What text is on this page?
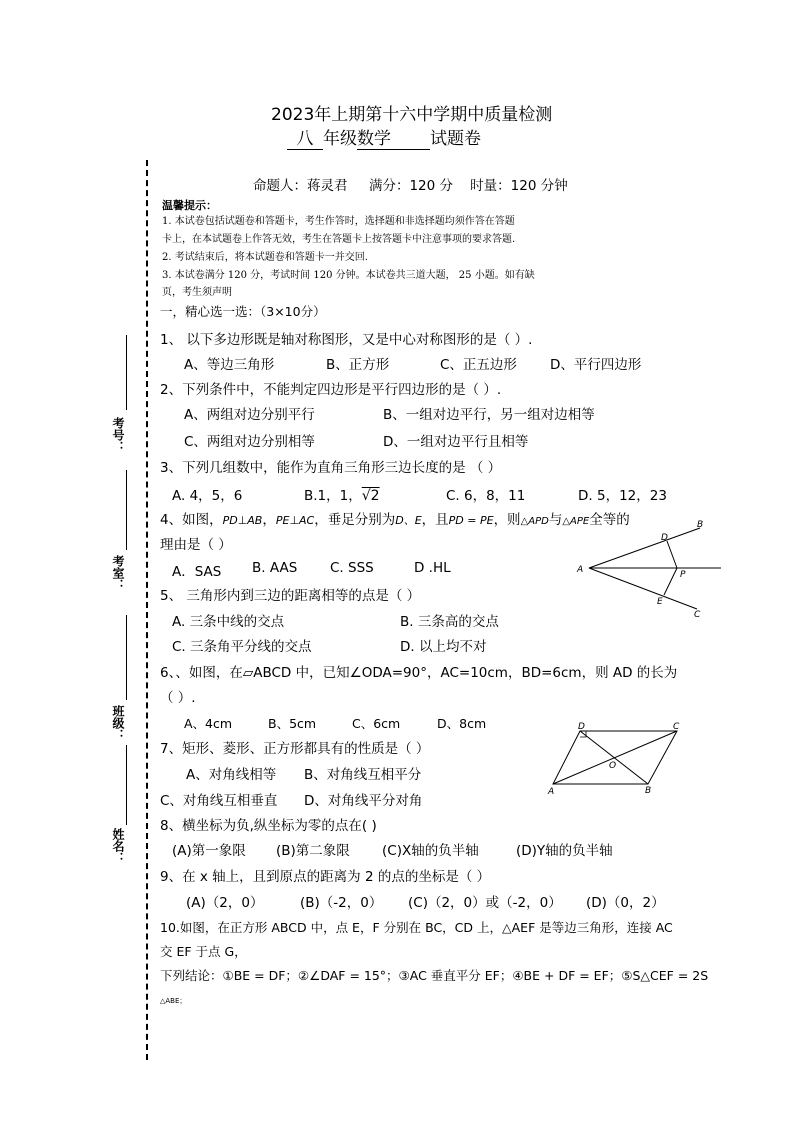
2023年上期第十六中学期中质量检测
八 年级数学 试题卷
命题人：蒋灵君     满分：120 分    时量：120 分钟
温馨提示：
1. 本试卷包括试题卷和答题卡，考生作答时，选择题和非选择题均须作答在答题
卡上，在本试题卷上作答无效，考生在答题卡上按答题卡中注意事项的要求答题.
2. 考试结束后，将本试题卷和答题卡一并交回.
3. 本试卷满分 120 分，考试时间 120 分钟。本试卷共三道大题， 25 小题。如有缺
页，考生须声明
考号：
考室：
班级：
姓名：
一，精心选一选：（3×10分）
1、 以下多边形既是轴对称图形，又是中心对称图形的是（ ）.
A、等边三角形	B、正方形	C、正五边形 D、平行四边形
2、下列条件中，不能判定四边形是平行四边形的是（ ）.
A、两组对边分别平行	B、一组对边平行，另一组对边相等
C、两组对边分别相等	D、一组对边平行且相等
3、下列几组数中，能作为直角三角形三边长度的是 （ ）
A. 4，5，6	B.1，1，√2	C. 6，8，11	D. 5，12，23
4、如图，PD⊥AB，PE⊥AC，垂足分别为D、E，且PD = PE，则△APD与△APE全等的
理由是（ ）
A．SAS B. AAS C. SSS	D .HL	A
B
C
D
E
P
5、 三角形内到三边的距离相等的点是（ ）
A. 三条中线的交点	B. 三条高的交点
C. 三条角平分线的交点	D. 以上均不对
6、、如图，在▱ABCD 中，已知∠ODA=90°，AC=10cm，BD=6cm，则 AD 的长为
（ ）.
A、4cm	B、5cm	C、6cm	D、8cm
A	B
C
D
O
7、矩形、菱形、正方形都具有的性质是（ ）
A、对角线相等 B、对角线互相平分
C、对角线互相垂直 D、对角线平分对角
8、横坐标为负,纵坐标为零的点在( )
(A)第一象限 (B)第二象限 (C)X轴的负半轴	(D)Y轴的负半轴
9、在 x 轴上，且到原点的距离为 2 的点的坐标是（ ）
(A)（2，0）	(B)（-2，0） (C)（2，0）或（-2，0） (D)（0，2）
10.如图，在正方形 ABCD 中，点 E，F 分别在 BC，CD 上，△AEF 是等边三角形，连接 AC
交 EF 于点 G，
下列结论：①BE = DF；②∠DAF = 15°；③AC 垂直平分 EF；④BE + DF = EF；⑤S△CEF = 2S
△ABE；
